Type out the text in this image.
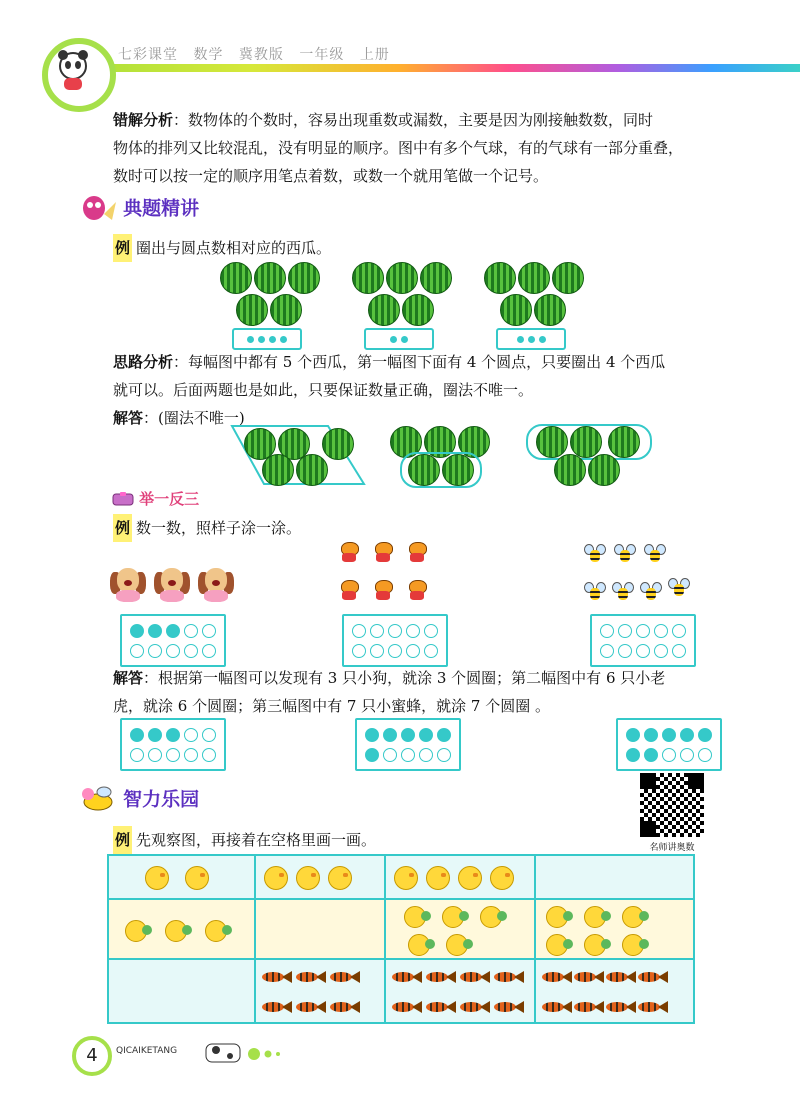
七彩课堂 数学 冀教版 一年级 上册

错解分析：数物体的个数时，容易出现重数或漏数，主要是因为刚接触数数，同时

物体的排列又比较混乱，没有明显的顺序。图中有多个气球，有的气球有一部分重叠，

数时可以按一定的顺序用笔点着数，或数一个就用笔做一个记号。

典题精讲

例 圈出与圆点数相对应的西瓜。

思路分析：每幅图中都有 5 个西瓜，第一幅图下面有 4 个圆点，只要圈出 4 个西瓜

就可以。后面两题也是如此，只要保证数量正确，圈法不唯一。

解答：(圈法不唯一)

举一反三

例 数一数，照样子涂一涂。

解答：根据第一幅图可以发现有 3 只小狗，就涂 3 个圆圈；第二幅图中有 6 只小老

虎，就涂 6 个圆圈；第三幅图中有 7 只小蜜蜂，就涂 7 个圆圈 。

智力乐园
名师讲奥数

例 先观察图，再接着在空格里画一画。

4	QICAIKETANG
